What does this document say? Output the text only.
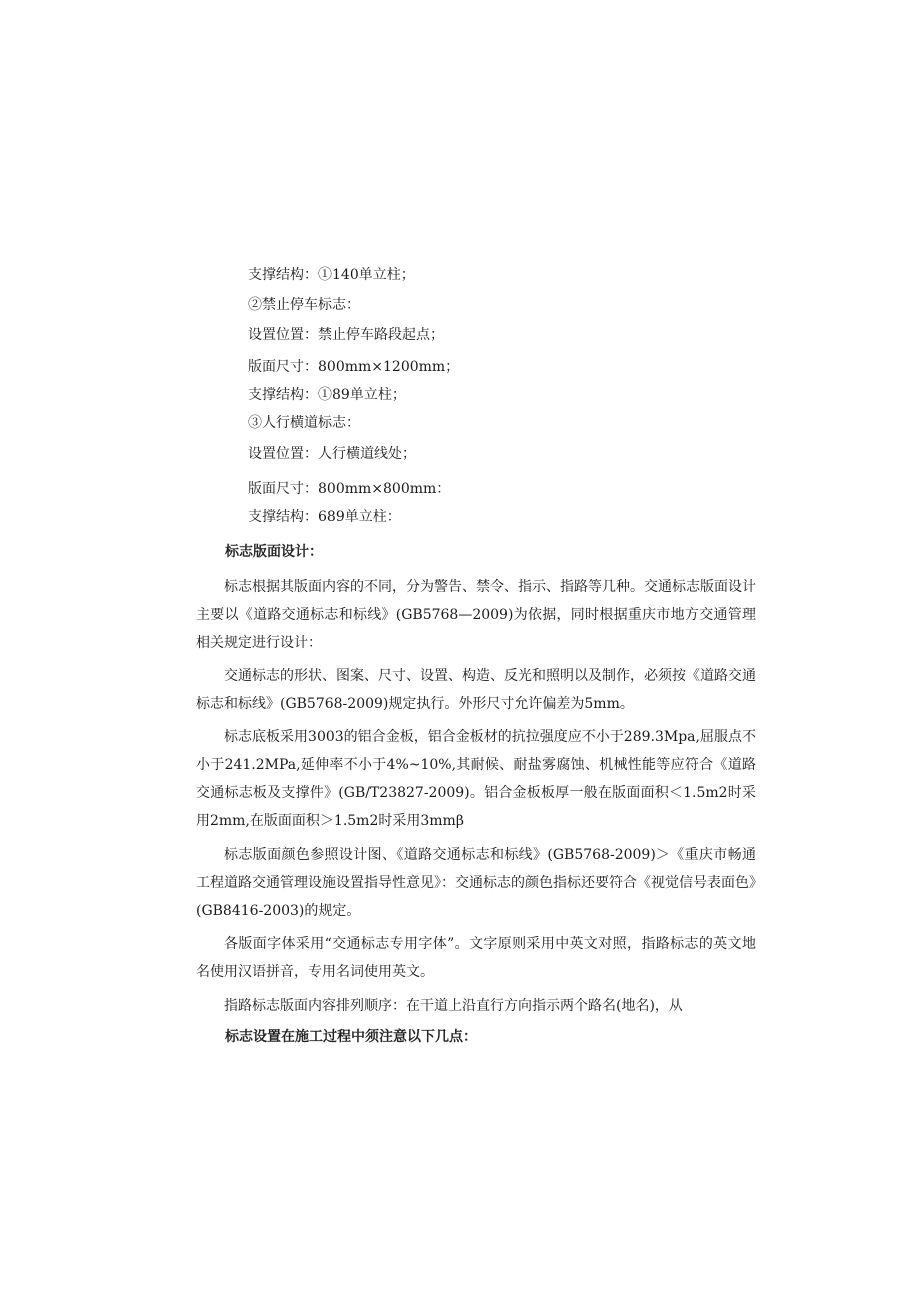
支撑结构：①140单立柱；
②禁止停车标志：
设置位置：禁止停车路段起点；
版面尺寸：800mm×1200mm；
支撑结构：①89单立柱；
③人行横道标志：
设置位置：人行横道线处；
版面尺寸：800mm×800mm：
支撑结构：689单立柱：
标志版面设计：

标志根据其版面内容的不同，分为警告、禁令、指示、指路等几种。交通标志版面设计主要以《道路交通标志和标线》(GB5768—2009)为依据，同时根据重庆市地方交通管理相关规定进行设计：

交通标志的形状、图案、尺寸、设置、构造、反光和照明以及制作，必须按《道路交通标志和标线》(GB5768-2009)规定执行。外形尺寸允许偏差为5mm。

标志底板采用3003的铝合金板，铝合金板材的抗拉强度应不小于289.3Mpa,屈服点不小于241.2MPa,延伸率不小于4%~10%,其耐候、耐盐雾腐蚀、机械性能等应符合《道路交通标志板及支撑件》(GB/T23827-2009)。铝合金板板厚一般在版面面积＜1.5m2时采用2mm,在版面面积＞1.5m2时采用3mmβ

标志版面颜色参照设计图、《道路交通标志和标线》(GB5768-2009)＞《重庆市畅通工程道路交通管理设施设置指导性意见》：交通标志的颜色指标还要符合《视觉信号表面色》(GB8416-2003)的规定。

各版面字体采用“交通标志专用字体”。文字原则采用中英文对照，指路标志的英文地名使用汉语拼音，专用名词使用英文。

指路标志版面内容排列顺序：在干道上沿直行方向指示两个路名(地名)，从

标志设置在施工过程中须注意以下几点：
